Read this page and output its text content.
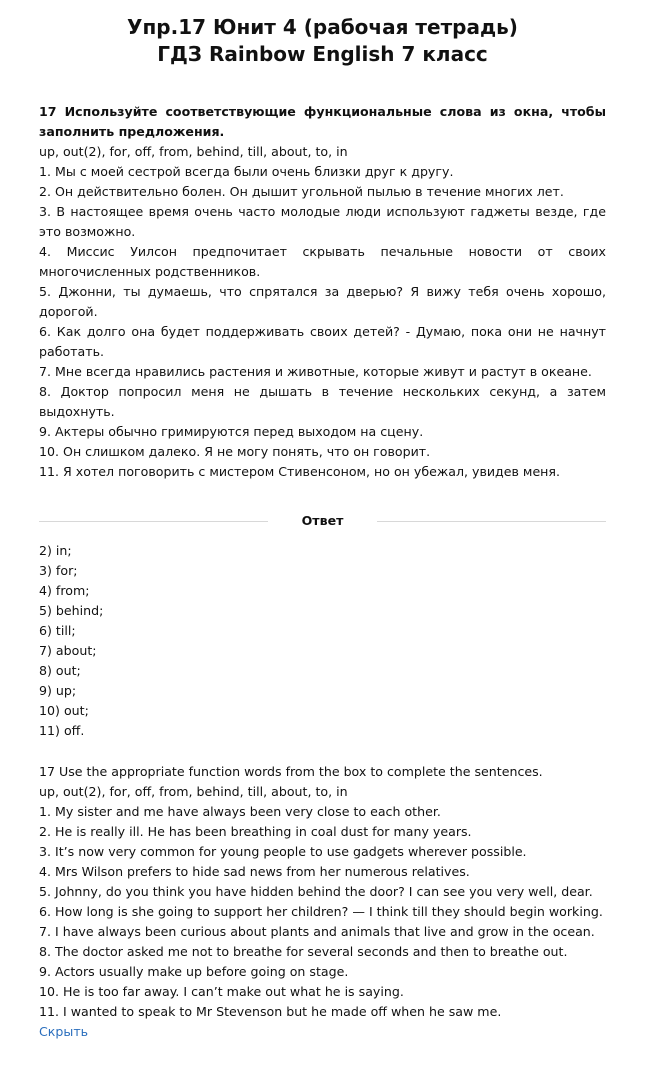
Упр.17 Юнит 4 (рабочая тетрадь)
ГДЗ Rainbow English 7 класс

17 Используйте соответствующие функциональные слова из окна, чтобы заполнить предложения.

up, out(2), for, off, from, behind, till, about, to, in

1. Мы с моей сестрой всегда были очень близки друг к другу.

2. Он действительно болен. Он дышит угольной пылью в течение многих лет.

3. В настоящее время очень часто молодые люди используют гаджеты везде, где это возможно.

4. Миссис Уилсон предпочитает скрывать печальные новости от своих многочисленных родственников.

5. Джонни, ты думаешь, что спрятался за дверью? Я вижу тебя очень хорошо, дорогой.

6. Как долго она будет поддерживать своих детей? - Думаю, пока они не начнут работать.

7. Мне всегда нравились растения и животные, которые живут и растут в океане.

8. Доктор попросил меня не дышать в течение нескольких секунд, а затем выдохнуть.

9. Актеры обычно гримируются перед выходом на сцену.

10. Он слишком далеко. Я не могу понять, что он говорит.

11. Я хотел поговорить с мистером Стивенсоном, но он убежал, увидев меня.

Ответ

2) in;

3) for;

4) from;

5) behind;

6) till;

7) about;

8) out;

9) up;

10) out;

11) off.

17 Use the appropriate function words from the box to complete the sentences.

up, out(2), for, off, from, behind, till, about, to, in

1. My sister and me have always been very close to each other.

2. He is really ill. He has been breathing in coal dust for many years.

3. It’s now very common for young people to use gadgets wherever possible.

4. Mrs Wilson prefers to hide sad news from her numerous relatives.

5. Johnny, do you think you have hidden behind the door? I can see you very well, dear.

6. How long is she going to support her children? — I think till they should begin working.

7. I have always been curious about plants and animals that live and grow in the ocean.

8. The doctor asked me not to breathe for several seconds and then to breathe out.

9. Actors usually make up before going on stage.

10. He is too far away. I can’t make out what he is saying.

11. I wanted to speak to Mr Stevenson but he made off when he saw me.

Скрыть
